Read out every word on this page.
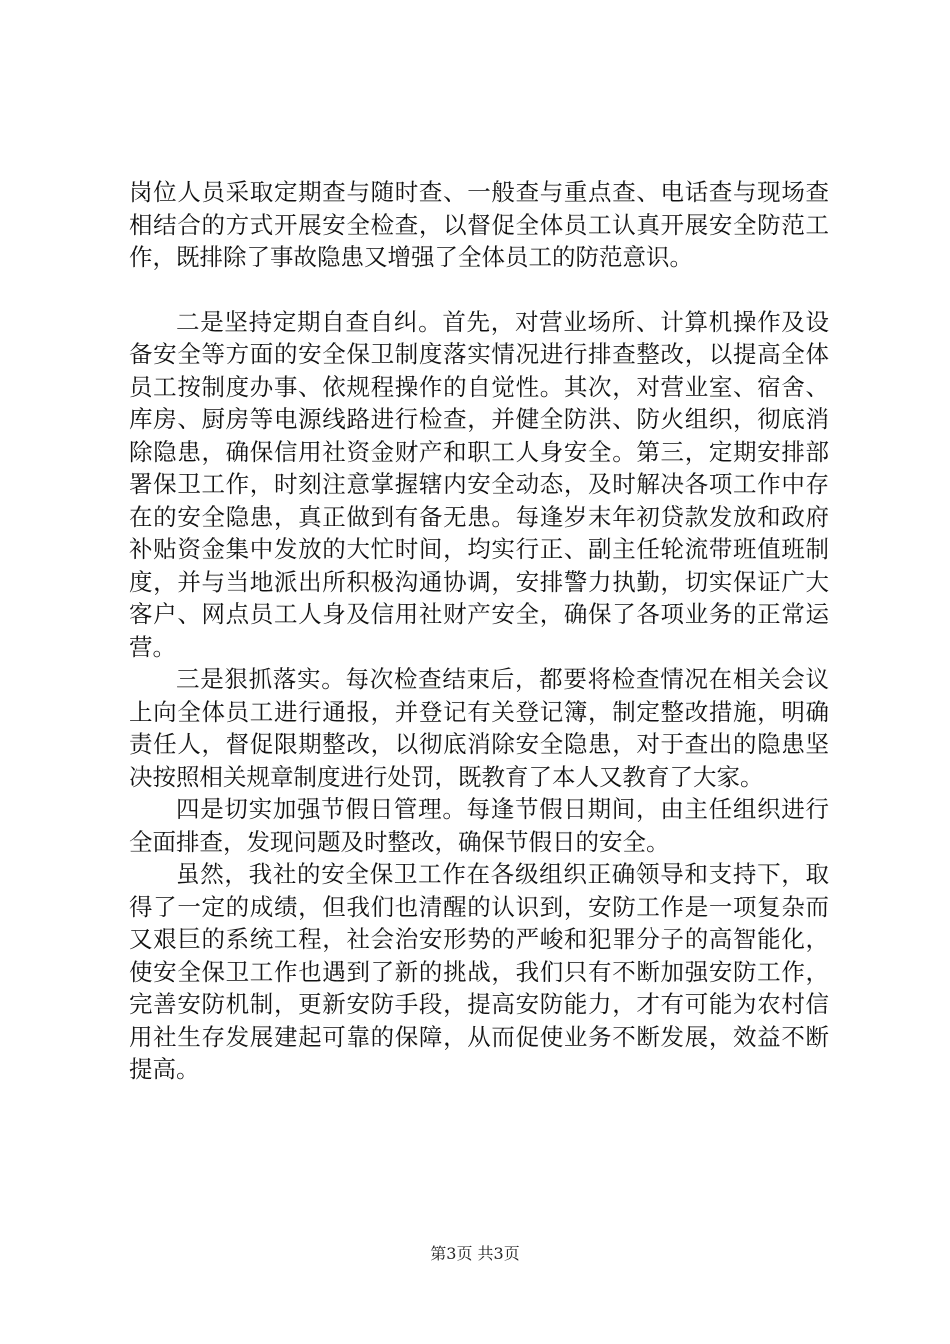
岗位人员采取定期查与随时查、一般查与重点查、电话查与现场查相结合的方式开展安全检查，以督促全体员工认真开展安全防范工作，既排除了事故隐患又增强了全体员工的防范意识。

二是坚持定期自查自纠。首先，对营业场所、计算机操作及设备安全等方面的安全保卫制度落实情况进行排查整改，以提高全体员工按制度办事、依规程操作的自觉性。其次，对营业室、宿舍、库房、厨房等电源线路进行检查，并健全防洪、防火组织，彻底消除隐患，确保信用社资金财产和职工人身安全。第三，定期安排部署保卫工作，时刻注意掌握辖内安全动态，及时解决各项工作中存在的安全隐患，真正做到有备无患。每逢岁末年初贷款发放和政府补贴资金集中发放的大忙时间，均实行正、副主任轮流带班值班制度，并与当地派出所积极沟通协调，安排警力执勤，切实保证广大客户、网点员工人身及信用社财产安全，确保了各项业务的正常运营。

三是狠抓落实。每次检查结束后，都要将检查情况在相关会议上向全体员工进行通报，并登记有关登记簿，制定整改措施，明确责任人，督促限期整改，以彻底消除安全隐患，对于查出的隐患坚决按照相关规章制度进行处罚，既教育了本人又教育了大家。

四是切实加强节假日管理。每逢节假日期间，由主任组织进行全面排查，发现问题及时整改，确保节假日的安全。

虽然，我社的安全保卫工作在各级组织正确领导和支持下，取得了一定的成绩，但我们也清醒的认识到，安防工作是一项复杂而又艰巨的系统工程，社会治安形势的严峻和犯罪分子的高智能化，使安全保卫工作也遇到了新的挑战，我们只有不断加强安防工作，完善安防机制，更新安防手段，提高安防能力，才有可能为农村信用社生存发展建起可靠的保障，从而促使业务不断发展，效益不断提高。

第3页 共3页
